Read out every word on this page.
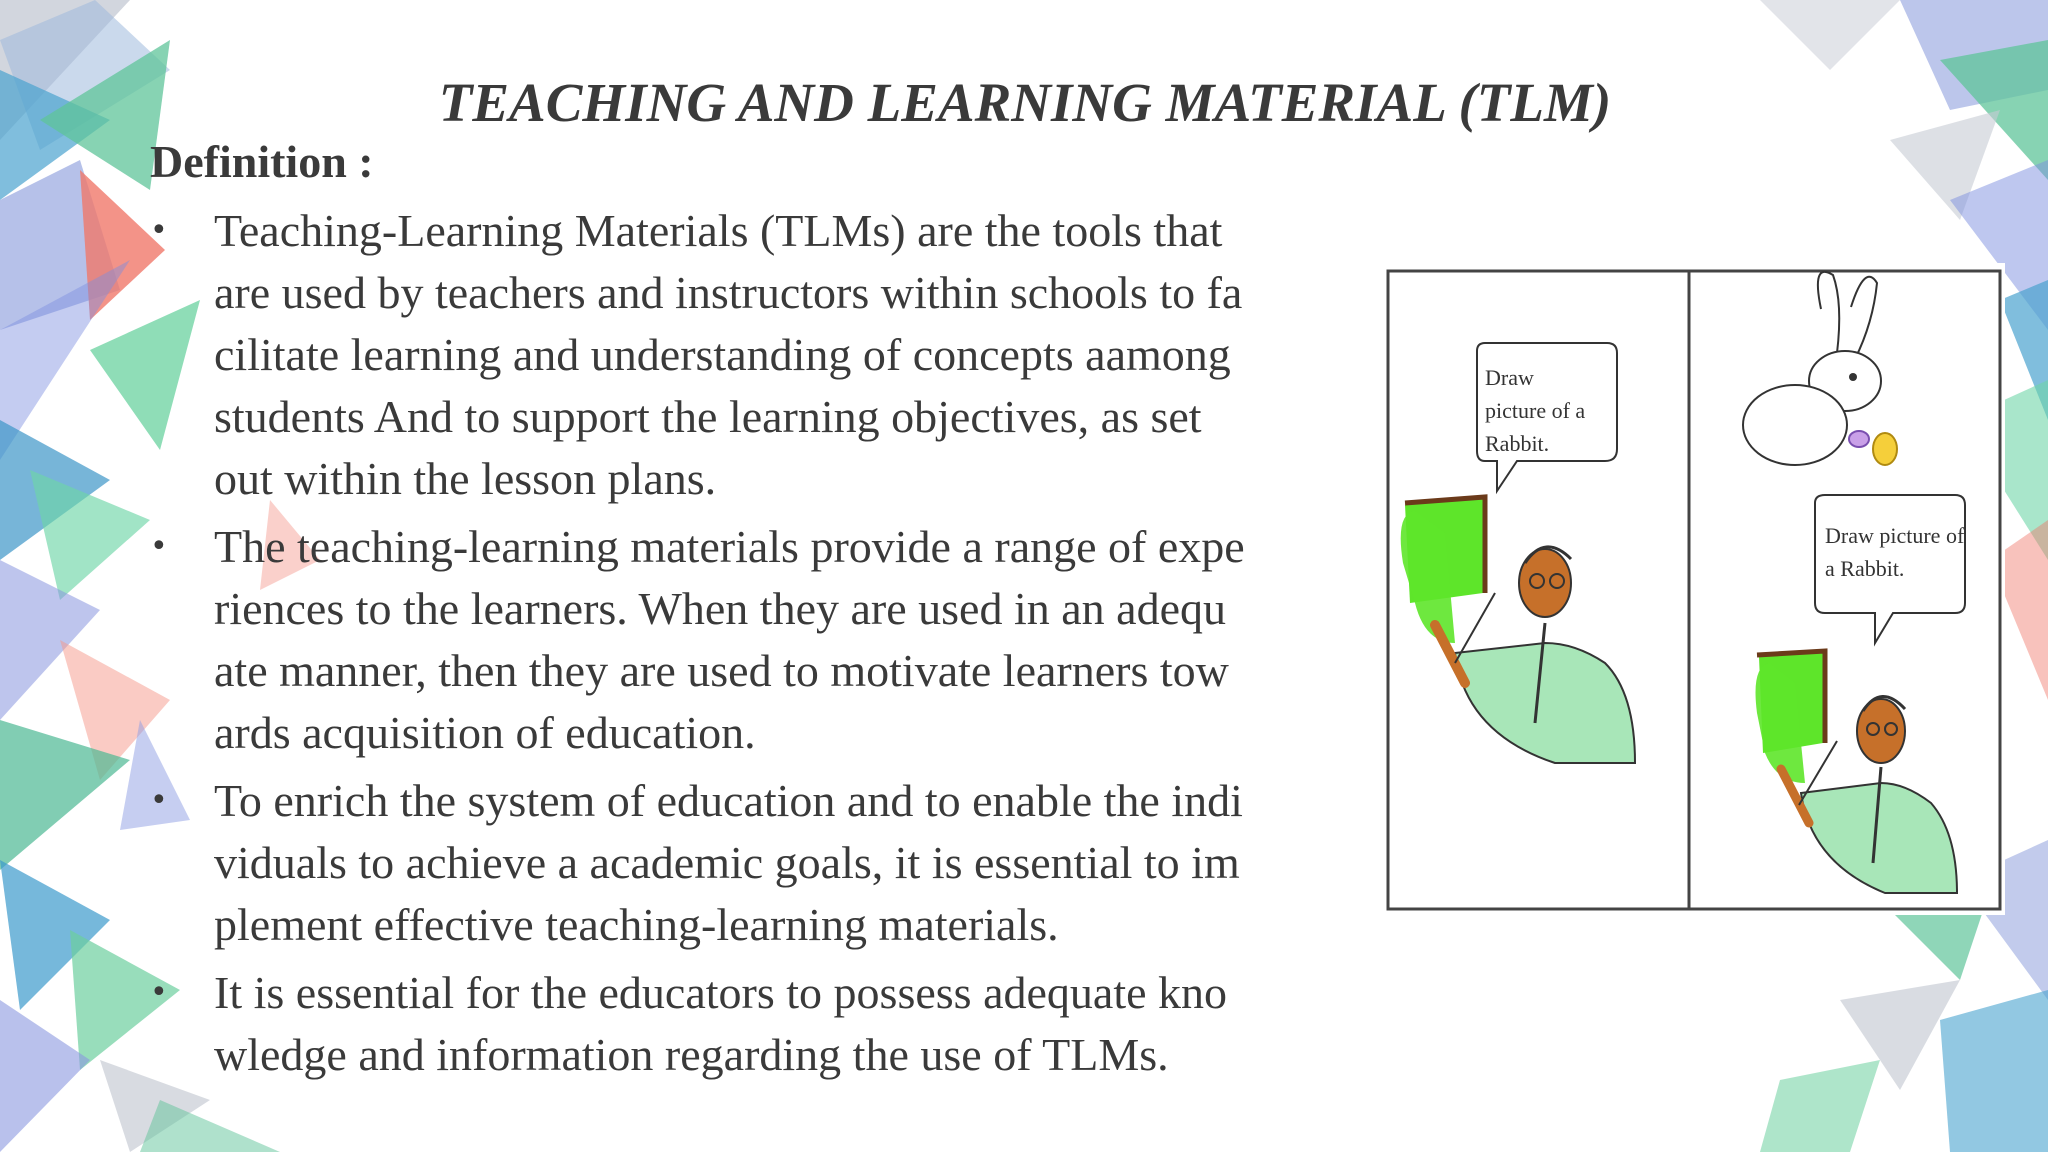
TEACHING AND LEARNING MATERIAL (TLM)
Definition :
•	Teaching-Learning Materials (TLMs) are the tools that
are used by teachers and instructors within schools to fa
cilitate learning and understanding of concepts aamong
students And to support the learning objectives, as set
out within the lesson plans.
•	The teaching-learning materials provide a range of expe
riences to the learners. When they are used in an adequ
ate manner, then they are used to motivate learners tow
ards acquisition of education.
•	To enrich the system of education and to enable the indi
viduals to achieve a academic goals, it is essential to im
plement effective teaching-learning materials.
•	It is essential for the educators to possess adequate kno
wledge and information regarding the use of TLMs.
Draw
picture of a
Rabbit.
Draw picture of
a Rabbit.
